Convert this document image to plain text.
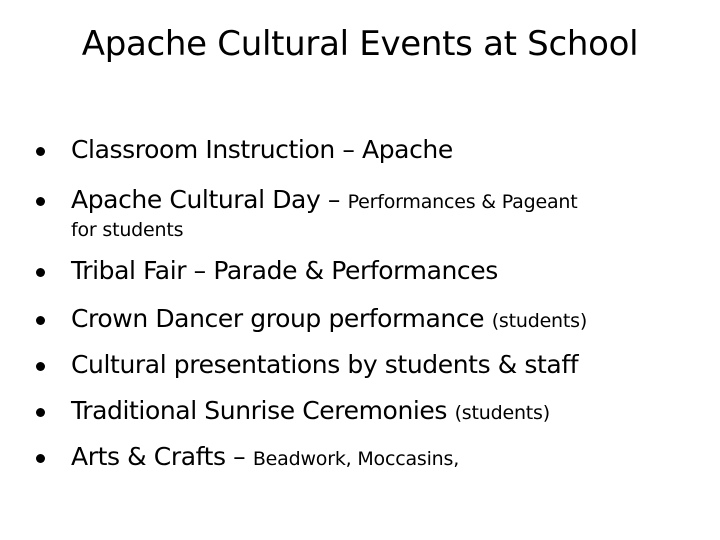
Apache Cultural Events at School
Classroom Instruction – Apache
Apache Cultural Day – Performances & Pageant
Tribal Fair – Parade & Performances
Crown Dancer group performance (students)
Cultural presentations by students & staff
Traditional Sunrise Ceremonies (students)
Arts & Crafts – Beadwork, Moccasins,
for students
